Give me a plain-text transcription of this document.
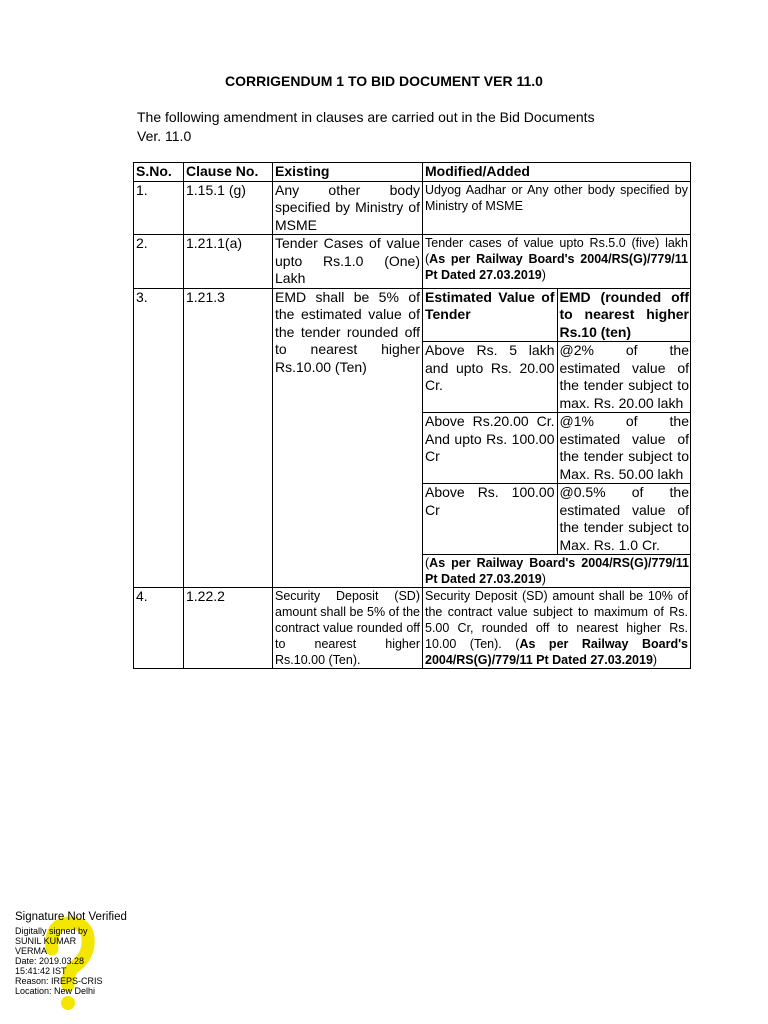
CORRIGENDUM 1 TO BID DOCUMENT VER 11.0
The following amendment in clauses are carried out in the Bid Documents
Ver. 11.0
S.No.	Clause No.	Existing	Modified/Added
1.	1.15.1 (g)	Any other body specified by Ministry of MSME	Udyog Aadhar or Any other body specified by Ministry of MSME
2.	1.21.1(a)	Tender Cases of value upto Rs.1.0 (One) Lakh	Tender cases of value upto Rs.5.0 (five) lakh (As per Railway Board's 2004/RS(G)/779/11 Pt Dated 27.03.2019)
3.	1.21.3	EMD shall be 5% of the estimated value of the tender rounded off to nearest higher Rs.10.00 (Ten)	
Estimated Value of Tender	EMD (rounded off to nearest higher Rs.10 (ten)
Above Rs. 5 lakh and upto Rs. 20.00 Cr.	@2% of the estimated value of the tender subject to max. Rs. 20.00 lakh
Above Rs.20.00 Cr. And upto Rs. 100.00 Cr	@1% of the estimated value of the tender subject to Max. Rs. 50.00 lakh
Above Rs. 100.00 Cr	@0.5% of the estimated value of the tender subject to Max. Rs. 1.0 Cr.
(As per Railway Board's 2004/RS(G)/779/11 Pt Dated 27.03.2019)

4.	1.22.2	Security Deposit (SD) amount shall be 5% of the contract value rounded off to nearest higher Rs.10.00 (Ten).	Security Deposit (SD) amount shall be 10% of the contract value subject to maximum of Rs. 5.00 Cr, rounded off to nearest higher Rs. 10.00 (Ten). (As per Railway Board's 2004/RS(G)/779/11 Pt Dated 27.03.2019)
Signature Not Verified
Digitally signed by
SUNIL KUMAR
VERMA
Date: 2019.03.28
15:41:42 IST
Reason: IREPS-CRIS
Location: New Delhi
